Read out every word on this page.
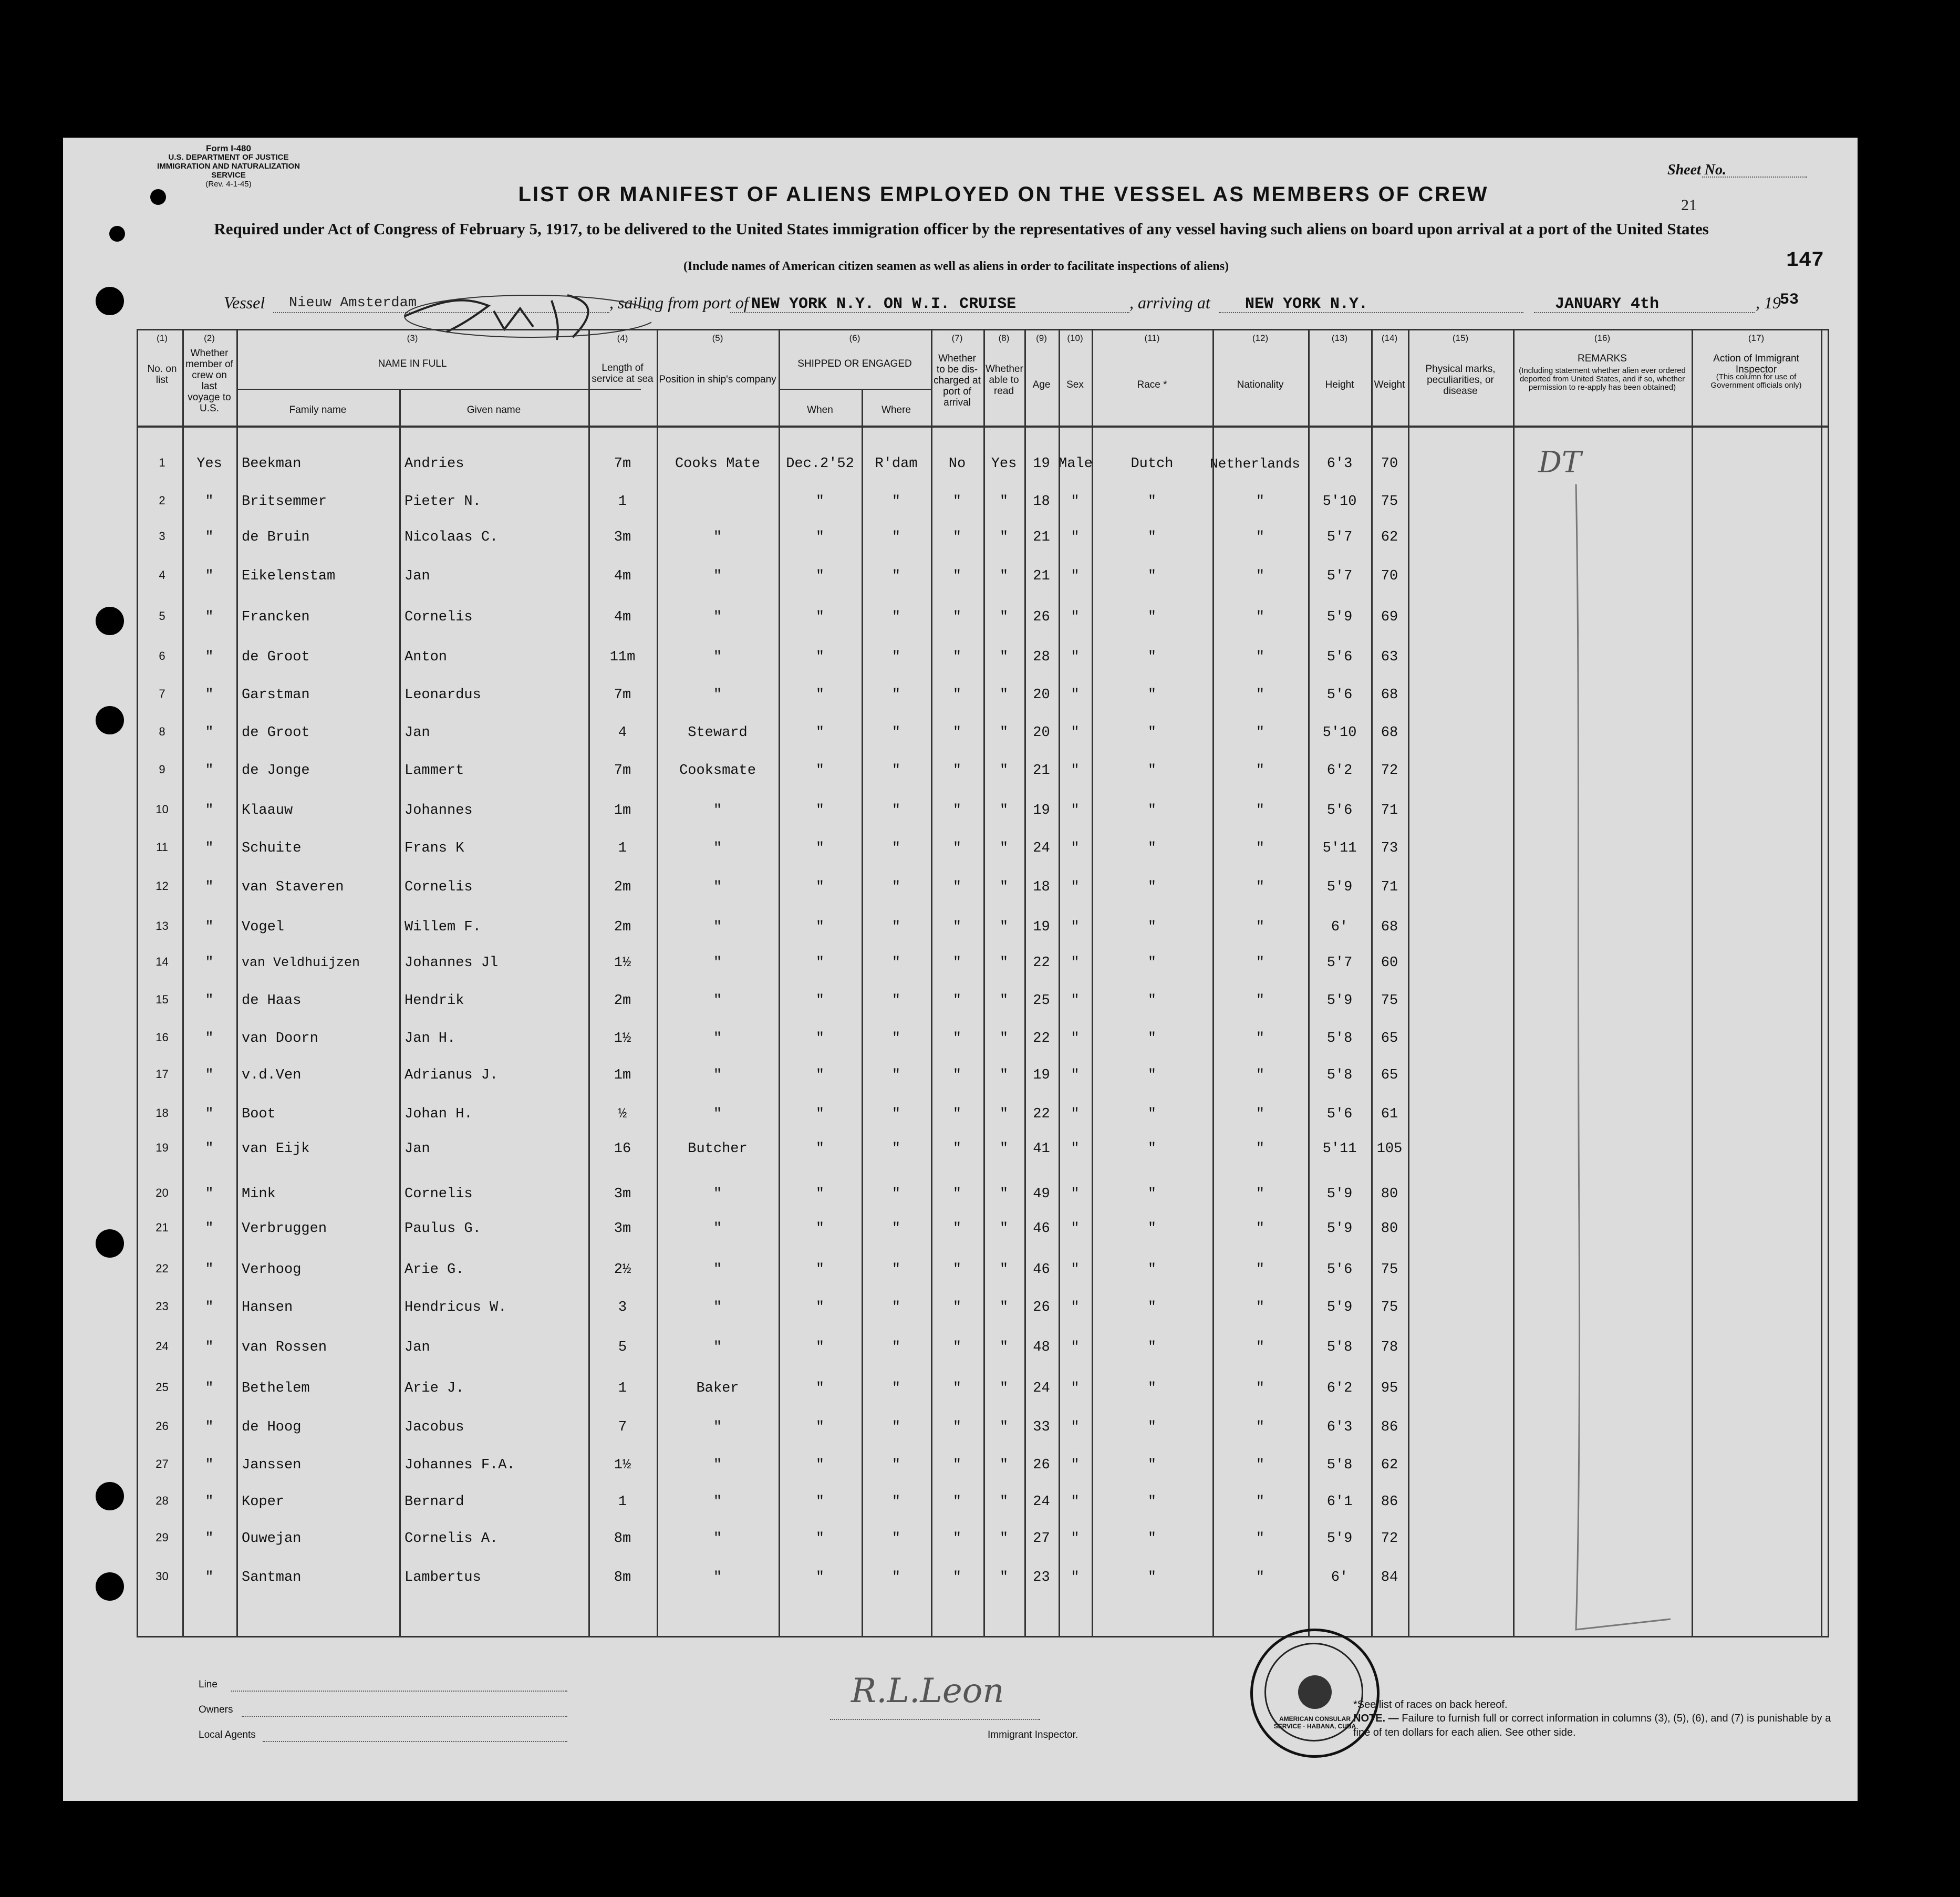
Form I-480
U.S. DEPARTMENT OF JUSTICE
IMMIGRATION AND NATURALIZATION SERVICE
(Rev. 4-1-45)
Sheet No.
21
147
LIST OR MANIFEST OF ALIENS EMPLOYED ON THE VESSEL AS MEMBERS OF CREW
Required under Act of Congress of February 5, 1917, to be delivered to the United States immigration officer by the representatives of any vessel having such aliens on board upon arrival at a port of the United States
(Include names of American citizen seamen as well as aliens in order to facilitate inspections of aliens)
Vessel	Nieuw Amsterdam	, sailing from port of NEW YORK N.Y. ON W.I. CRUISE	, arriving at	NEW YORK N.Y.	JANUARY 4th	, 19
53
(1)
No. on list
(2)
Whether member of crew on last voyage to U.S.
(3)
NAME IN FULL
(4)
Length of service at sea
(5)
Position in ship's company
(6)
SHIPPED OR ENGAGED
(7)
Whether to be dis-charged at port of arrival
(8)
Whether able to read
(9)
Age
(10)
Sex
(11)
Race *
(12)
Nationality
(13)
Height
(14)
Weight
(15)
Physical marks, peculiarities, or disease
(16)
REMARKS
(17)
Action of Immigrant Inspector
Family name	Given name	When	Where
(Including statement whether alien ever ordered deported from United States, and if so, whether permission to re-apply has been obtained)
(This column for use of Government officials only)
1	Yes	Beekman	Andries	7m	Cooks Mate	Dec.2'52	R'dam	No	Yes	19 Male	Dutch	Netherlands	6'3	70
2	"	Britsemmer	Pieter N.	1	"	"	"	"	18	"	"	"	5'10	75
3	"	de Bruin	Nicolaas C.	3m	"	"	"	"	"	21	"	"	"	5'7	62
4	"	Eikelenstam	Jan	4m	"	"	"	"	"	21	"	"	"	5'7	70
5	"	Francken	Cornelis	4m	"	"	"	"	"	26	"	"	"	5'9	69
6	"	de Groot	Anton	11m	"	"	"	"	"	28	"	"	"	5'6	63
7	"	Garstman	Leonardus	7m	"	"	"	"	"	20	"	"	"	5'6	68
8	"	de Groot	Jan	4	Steward	"	"	"	"	20	"	"	"	5'10	68
9	"	de Jonge	Lammert	7m	Cooksmate	"	"	"	"	21	"	"	"	6'2	72
10	"	Klaauw	Johannes	1m	"	"	"	"	"	19	"	"	"	5'6	71
11	"	Schuite	Frans K	1	"	"	"	"	"	24	"	"	"	5'11	73
12	"	van Staveren	Cornelis	2m	"	"	"	"	"	18	"	"	"	5'9	71
13	"	Vogel	Willem F.	2m	"	"	"	"	"	19	"	"	"	6'	68
14	"	van Veldhuijzen	Johannes Jl	1½	"	"	"	"	"	22	"	"	"	5'7	60
15	"	de Haas	Hendrik	2m	"	"	"	"	"	25	"	"	"	5'9	75
16	"	van Doorn	Jan H.	1½	"	"	"	"	"	22	"	"	"	5'8	65
17	"	v.d.Ven	Adrianus J.	1m	"	"	"	"	"	19	"	"	"	5'8	65
18	"	Boot	Johan H.	½	"	"	"	"	"	22	"	"	"	5'6	61
19	"	van Eijk	Jan	16	Butcher	"	"	"	"	41	"	"	"	5'11	105
20	"	Mink	Cornelis	3m	"	"	"	"	"	49	"	"	"	5'9	80
21	"	Verbruggen	Paulus G.	3m	"	"	"	"	"	46	"	"	"	5'9	80
22	"	Verhoog	Arie G.	2½	"	"	"	"	"	46	"	"	"	5'6	75
23	"	Hansen	Hendricus W.	3	"	"	"	"	"	26	"	"	"	5'9	75
24	"	van Rossen	Jan	5	"	"	"	"	"	48	"	"	"	5'8	78
25	"	Bethelem	Arie J.	1	Baker	"	"	"	"	24	"	"	"	6'2	95
26	"	de Hoog	Jacobus	7	"	"	"	"	"	33	"	"	"	6'3	86
27	"	Janssen	Johannes F.A.	1½	"	"	"	"	"	26	"	"	"	5'8	62
28	"	Koper	Bernard	1	"	"	"	"	"	24	"	"	"	6'1	86
29	"	Ouwejan	Cornelis A.	8m	"	"	"	"	"	27	"	"	"	5'9	72
30	"	Santman	Lambertus	8m	"	"	"	"	"	23	"	"	"	6'	84
DT
Line
Owners
Local Agents
R.L.Leon
Immigrant Inspector.
AMERICAN CONSULAR SERVICE · HABANA, CUBA
*See list of races on back hereof.
NOTE. — Failure to furnish full or correct information in columns (3), (5), (6), and (7) is punishable by a fine of ten dollars for each alien. See other side.
